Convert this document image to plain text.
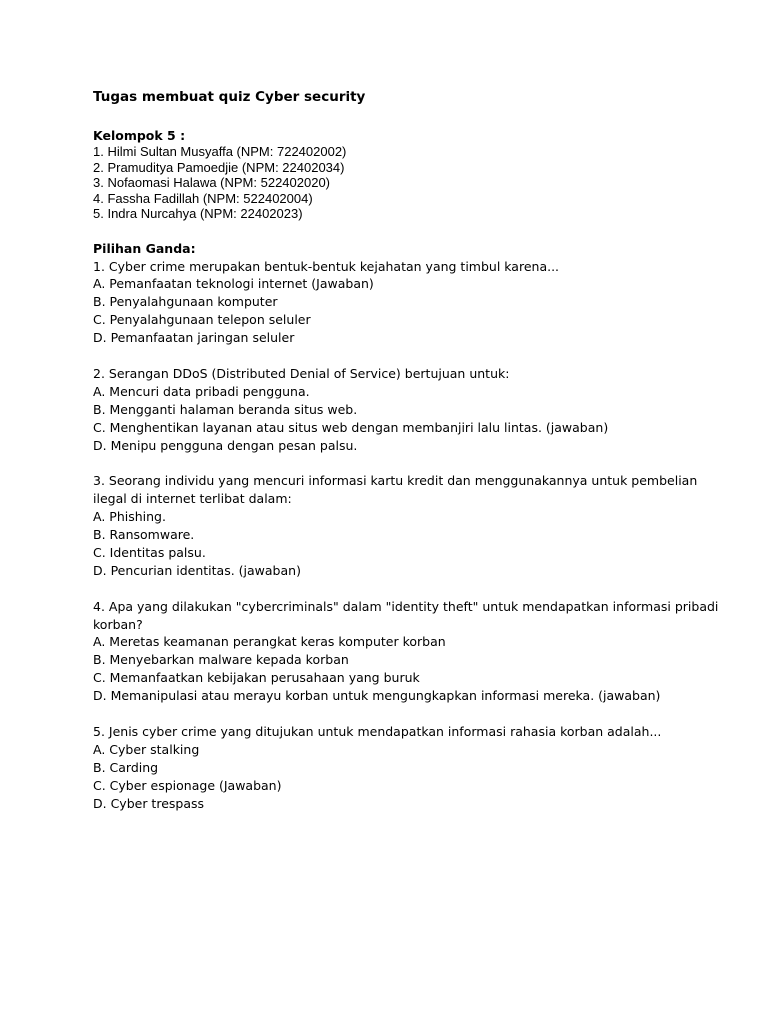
Tugas membuat quiz Cyber security
Kelompok 5 :
1. Hilmi Sultan Musyaffa (NPM: 722402002)
2. Pramuditya Pamoedjie (NPM: 22402034)
3. Nofaomasi Halawa (NPM: 522402020)
4. Fassha Fadillah (NPM: 522402004)
5. Indra Nurcahya (NPM: 22402023)
Pilihan Ganda:
1. Cyber crime merupakan bentuk-bentuk kejahatan yang timbul karena...
A. Pemanfaatan teknologi internet (Jawaban)
B. Penyalahgunaan komputer
C. Penyalahgunaan telepon seluler
D. Pemanfaatan jaringan seluler
2. Serangan DDoS (Distributed Denial of Service) bertujuan untuk:
A. Mencuri data pribadi pengguna.
B. Mengganti halaman beranda situs web.
C. Menghentikan layanan atau situs web dengan membanjiri lalu lintas. (jawaban)
D. Menipu pengguna dengan pesan palsu.
3. Seorang individu yang mencuri informasi kartu kredit dan menggunakannya untuk pembelian ilegal di internet terlibat dalam:
A. Phishing.
B. Ransomware.
C. Identitas palsu.
D. Pencurian identitas. (jawaban)
4. Apa yang dilakukan "cybercriminals" dalam "identity theft" untuk mendapatkan informasi pribadi korban?
A. Meretas keamanan perangkat keras komputer korban
B. Menyebarkan malware kepada korban
C. Memanfaatkan kebijakan perusahaan yang buruk
D. Memanipulasi atau merayu korban untuk mengungkapkan informasi mereka. (jawaban)
5. Jenis cyber crime yang ditujukan untuk mendapatkan informasi rahasia korban adalah...
A. Cyber stalking
B. Carding
C. Cyber espionage (Jawaban)
D. Cyber trespass
